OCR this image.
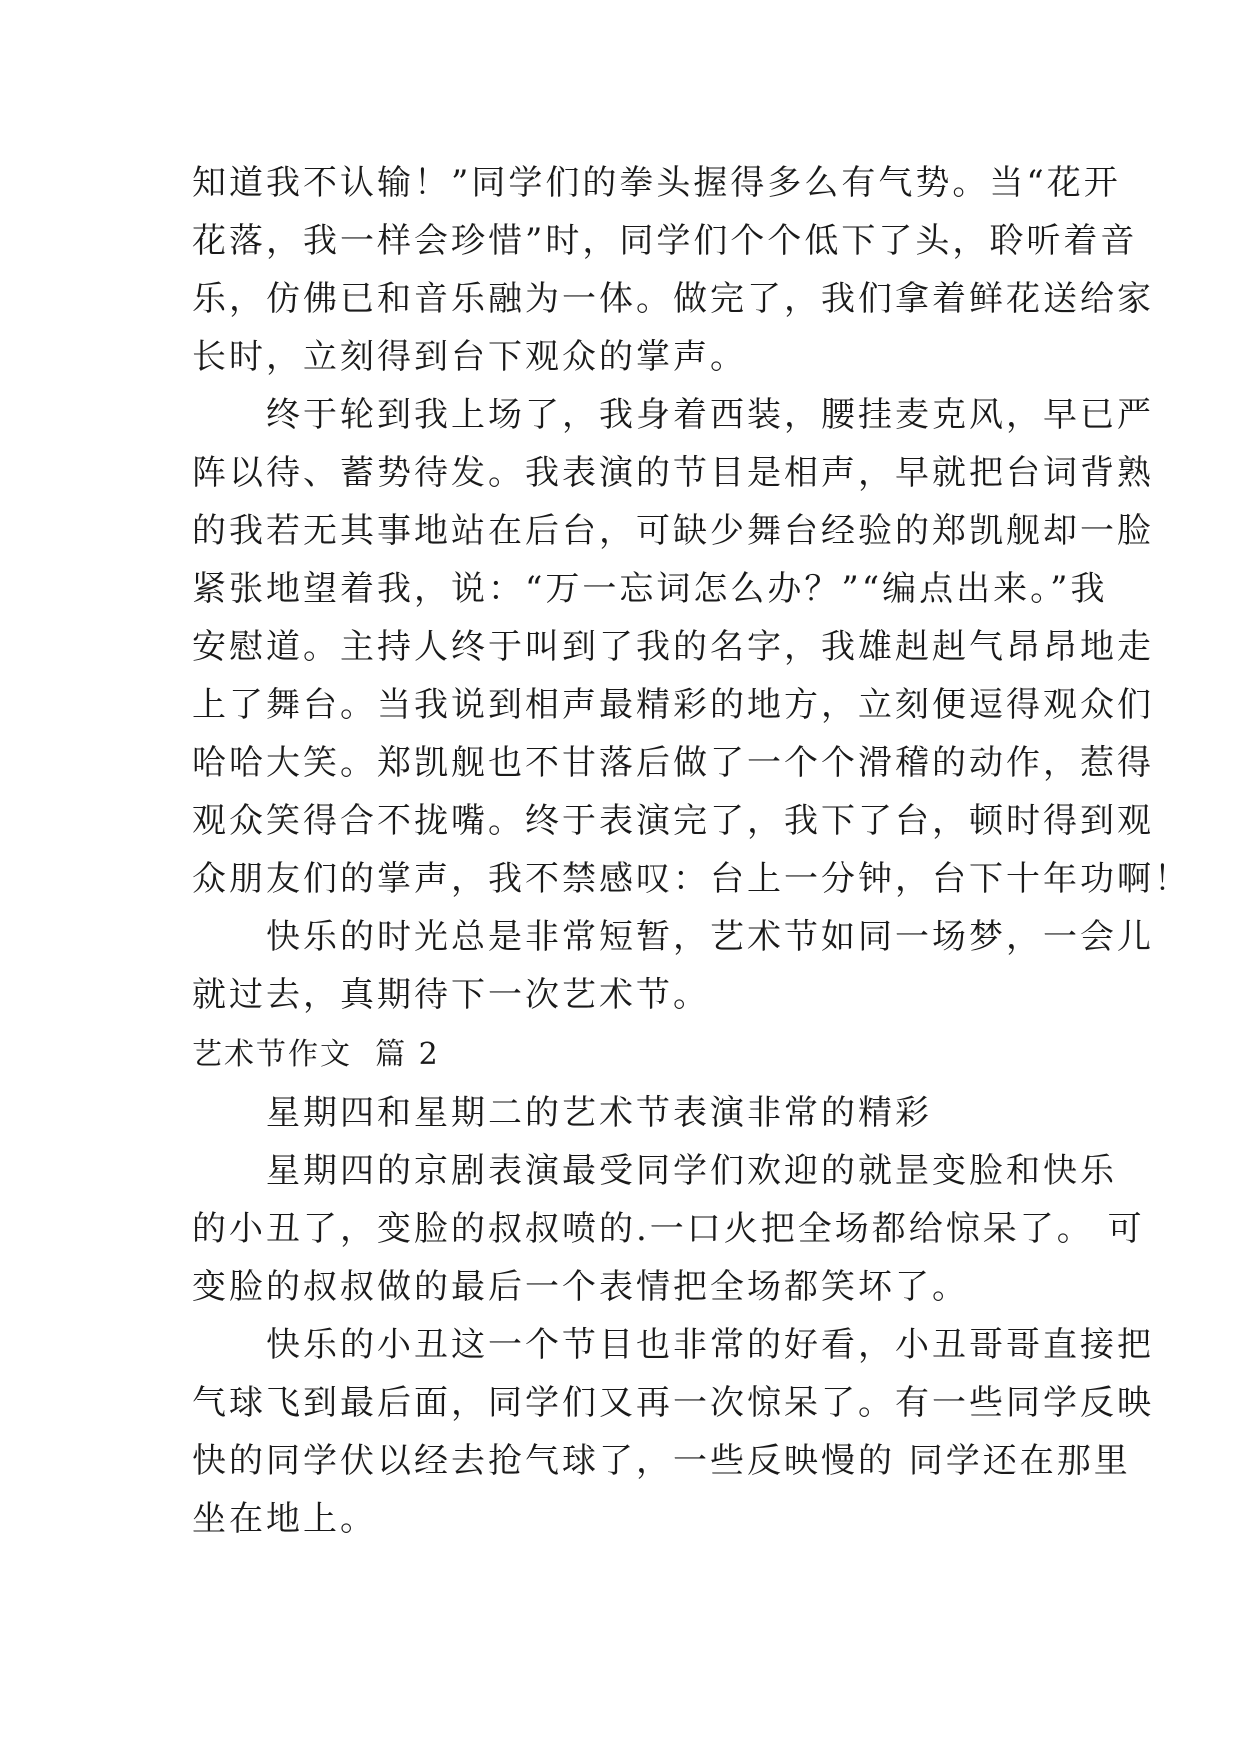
知道我不认输！”同学们的拳头握得多么有气势。当“花开
花落，我一样会珍惜”时，同学们个个低下了头，聆听着音
乐，仿佛已和音乐融为一体。做完了，我们拿着鲜花送给家
长时，立刻得到台下观众的掌声。
　　终于轮到我上场了，我身着西装，腰挂麦克风，早已严
阵以待、蓄势待发。我表演的节目是相声，早就把台词背熟
的我若无其事地站在后台，可缺少舞台经验的郑凯舰却一脸
紧张地望着我，说：“万一忘词怎么办？”“编点出来。”我
安慰道。主持人终于叫到了我的名字，我雄赳赳气昂昂地走
上了舞台。当我说到相声最精彩的地方，立刻便逗得观众们
哈哈大笑。郑凯舰也不甘落后做了一个个滑稽的动作，惹得
观众笑得合不拢嘴。终于表演完了，我下了台，顿时得到观
众朋友们的掌声，我不禁感叹：台上一分钟，台下十年功啊！
　　快乐的时光总是非常短暂，艺术节如同一场梦，一会儿
就过去，真期待下一次艺术节。
艺术节作文  篇 2
　　星期四和星期二的艺术节表演非常的精彩
　　星期四的京剧表演最受同学们欢迎的就昰变脸和快乐
的小丑了，变脸的叔叔喷的.一口火把全场都给惊呆了。 可
变脸的叔叔做的最后一个表情把全场都笑坏了。
　　快乐的小丑这一个节目也非常的好看，小丑哥哥直接把
气球飞到最后面，同学们又再一次惊呆了。有一些同学反映
快的同学伏以经去抢气球了，一些反映慢的 同学还在那里
坐在地上。
